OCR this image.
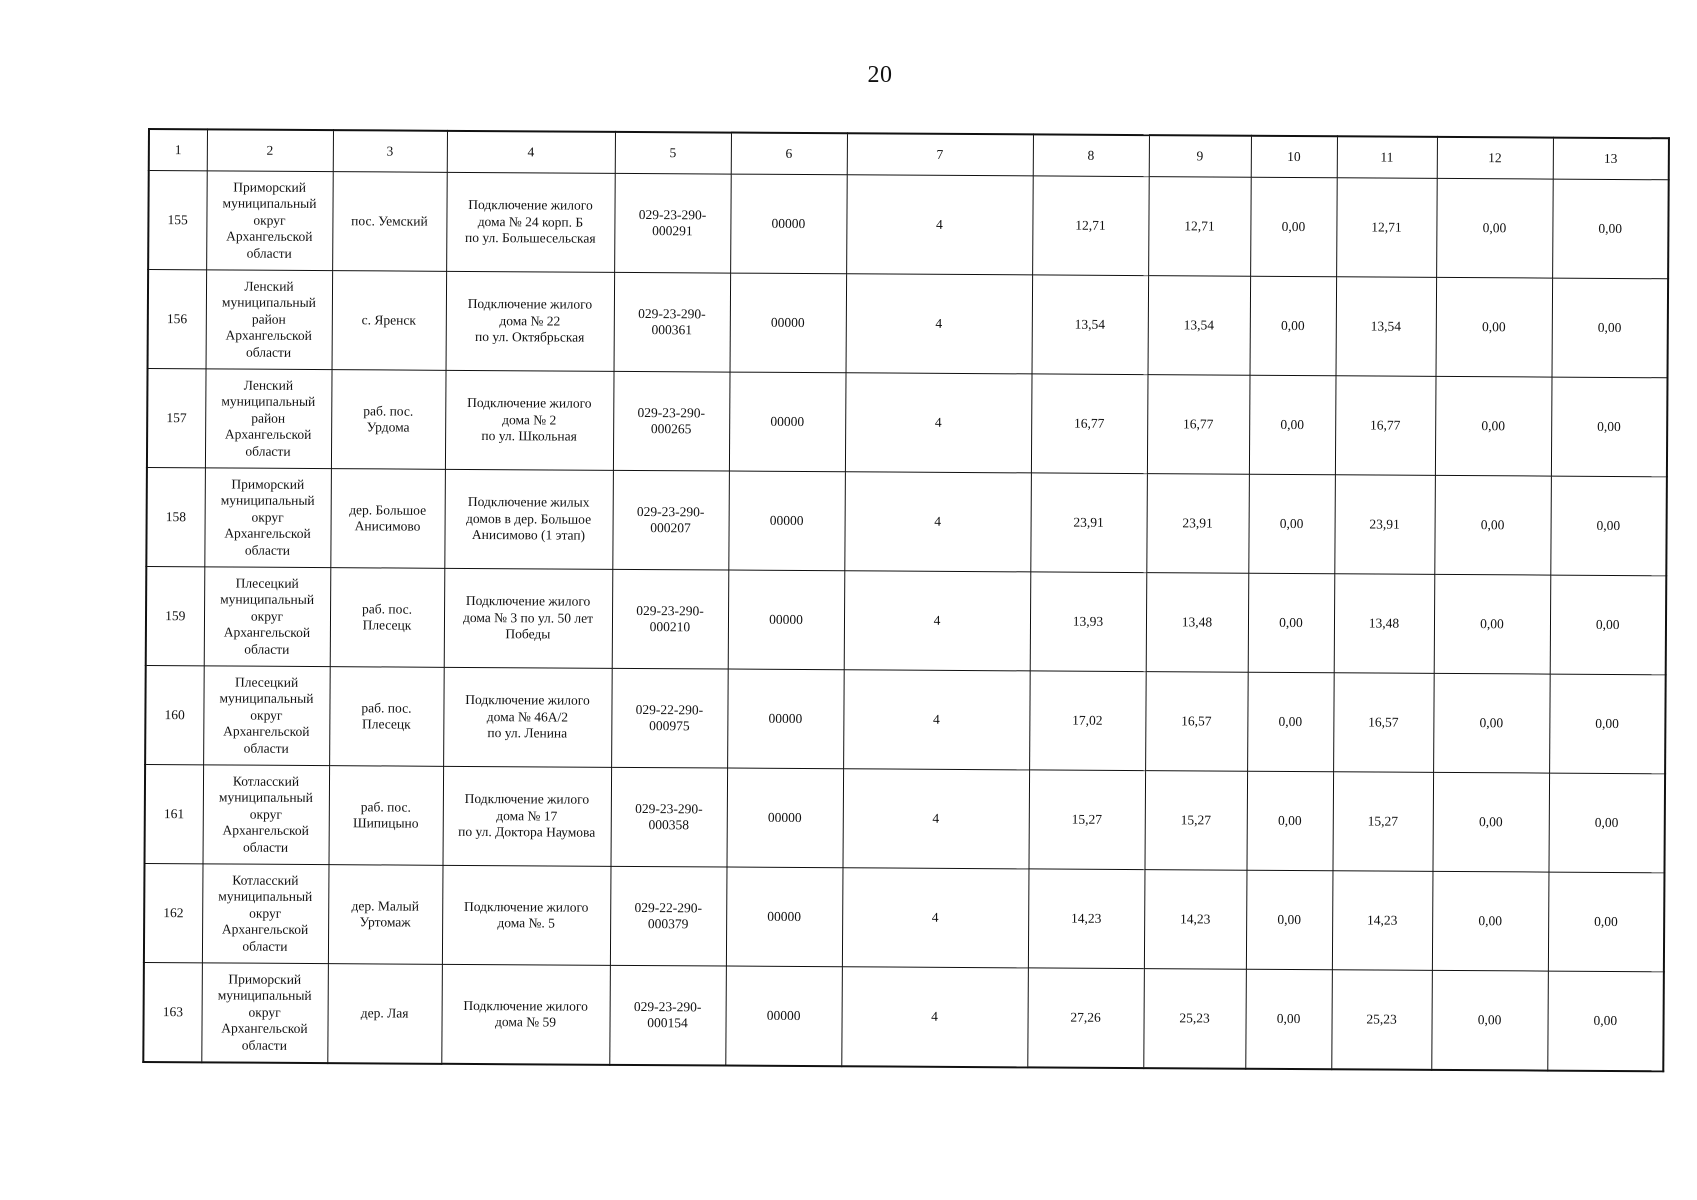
20
1	2	3	4	5	6	7	8	9	10	11	12	13
155	Приморский
муниципальный
округ
Архангельской
области	пос. Уемский	Подключение жилого
дома № 24 корп. Б
по ул. Большесельская	029-23-290-
000291	00000	4	12,71	12,71	0,00	12,71	0,00	0,00
156	Ленский
муниципальный
район
Архангельской
области	с. Яренск	Подключение жилого
дома № 22
по ул. Октябрьская	029-23-290-
000361	00000	4	13,54	13,54	0,00	13,54	0,00	0,00
157	Ленский
муниципальный
район
Архангельской
области	раб. пос.
Урдома	Подключение жилого
дома № 2
по ул. Школьная	029-23-290-
000265	00000	4	16,77	16,77	0,00	16,77	0,00	0,00
158	Приморский
муниципальный
округ
Архангельской
области	дер. Большое
Анисимово	Подключение жилых
домов в дер. Большое
Анисимово (1 этап)	029-23-290-
000207	00000	4	23,91	23,91	0,00	23,91	0,00	0,00
159	Плесецкий
муниципальный
округ
Архангельской
области	раб. пос.
Плесецк	Подключение жилого
дома № 3 по ул. 50 лет
Победы	029-23-290-
000210	00000	4	13,93	13,48	0,00	13,48	0,00	0,00
160	Плесецкий
муниципальный
округ
Архангельской
области	раб. пос.
Плесецк	Подключение жилого
дома № 46А/2
по ул. Ленина	029-22-290-
000975	00000	4	17,02	16,57	0,00	16,57	0,00	0,00
161	Котласский
муниципальный
округ
Архангельской
области	раб. пос.
Шипицыно	Подключение жилого
дома № 17
по ул. Доктора Наумова	029-23-290-
000358	00000	4	15,27	15,27	0,00	15,27	0,00	0,00
162	Котласский
муниципальный
округ
Архангельской
области	дер. Малый
Уртомаж	Подключение жилого
дома №. 5	029-22-290-
000379	00000	4	14,23	14,23	0,00	14,23	0,00	0,00
163	Приморский
муниципальный
округ
Архангельской
области	дер. Лая	Подключение жилого
дома № 59	029-23-290-
000154	00000	4	27,26	25,23	0,00	25,23	0,00	0,00
